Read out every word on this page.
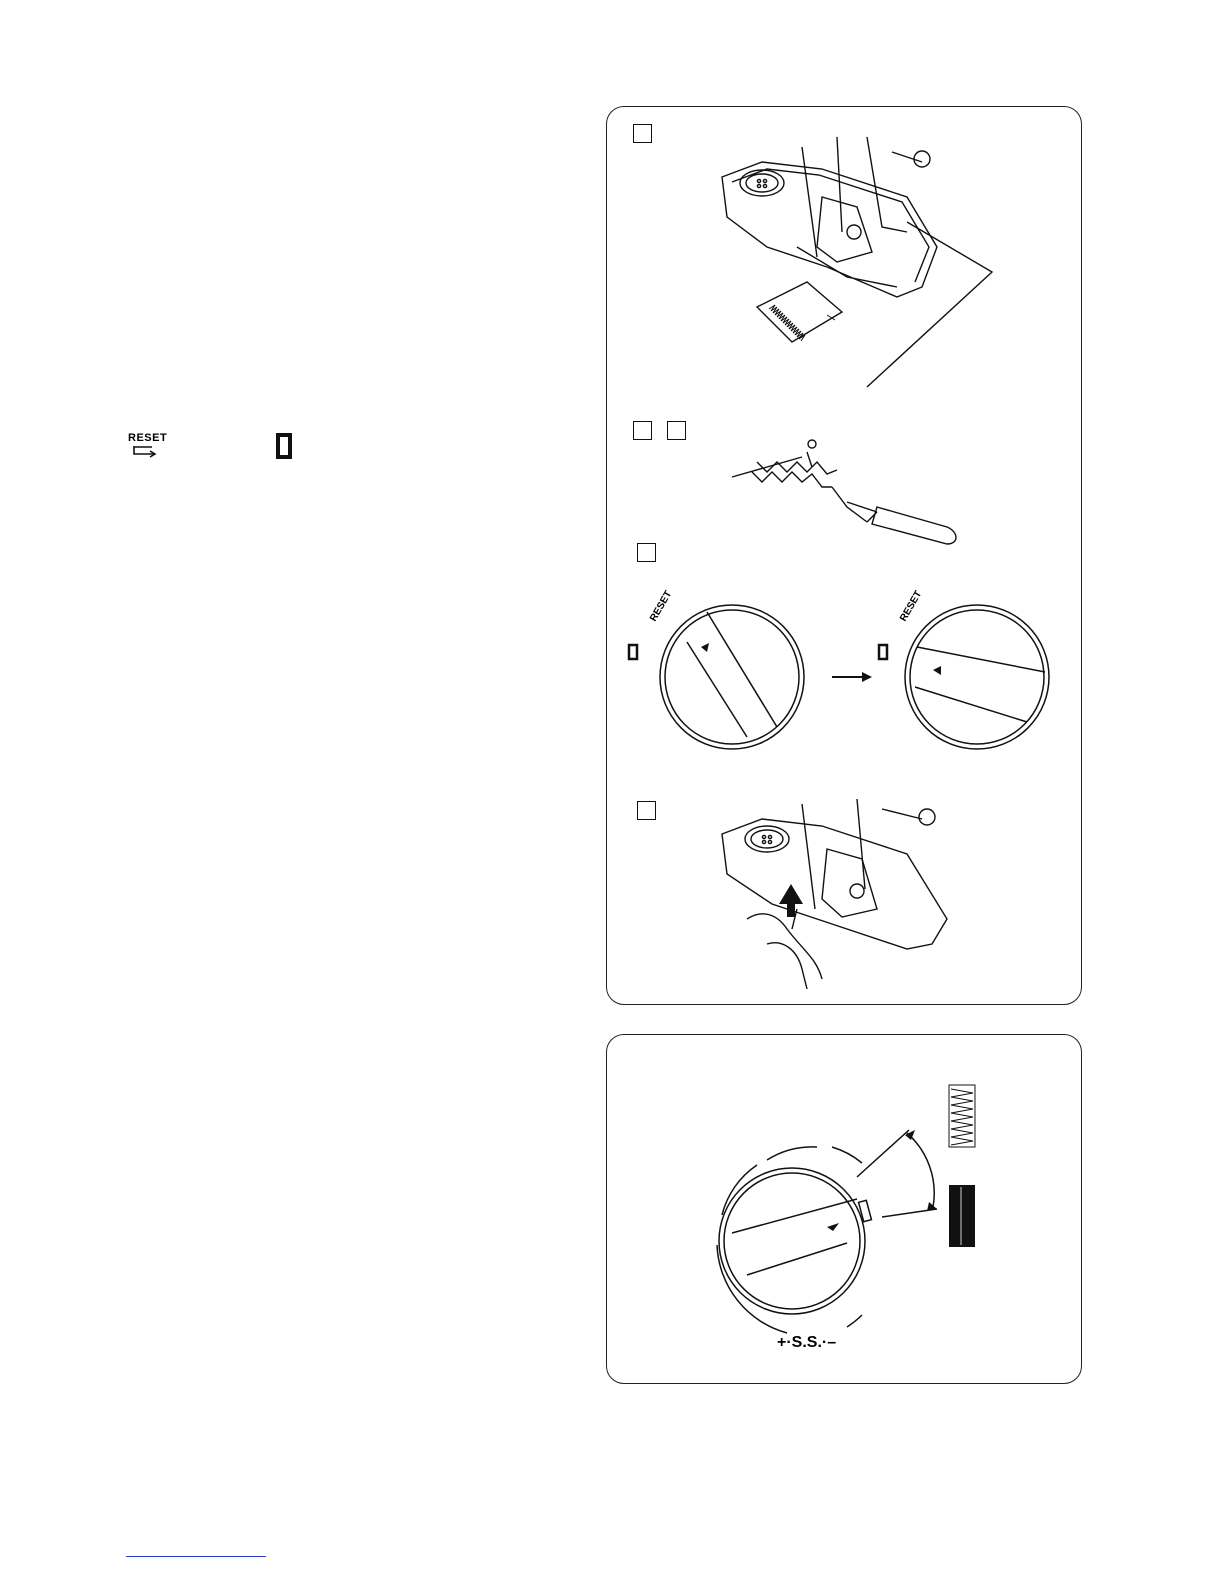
RESET
RESET	RESET
+·S.S.·–
